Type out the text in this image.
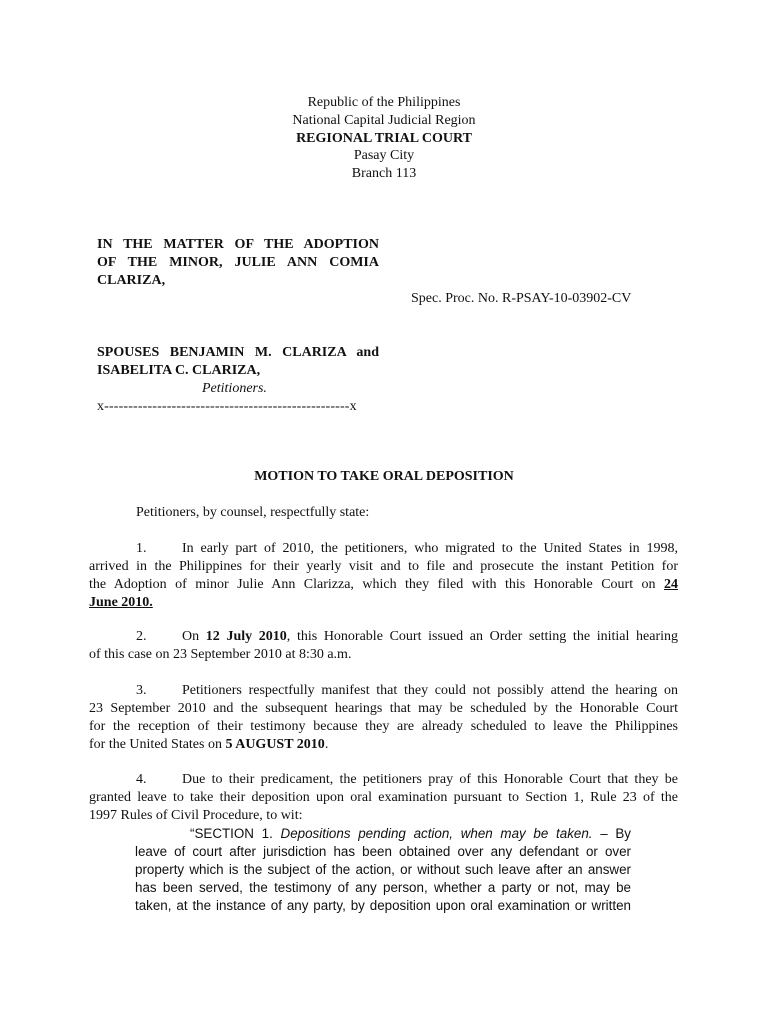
Republic of the Philippines
National Capital Judicial Region
REGIONAL TRIAL COURT
Pasay City
Branch 113
IN THE MATTER OF THE ADOPTION
OF THE MINOR, JULIE ANN COMIA
CLARIZA,
Spec. Proc. No. R-PSAY-10-03902-CV
SPOUSES BENJAMIN M. CLARIZA and
ISABELITA C. CLARIZA,
Petitioners.
x---------------------------------------------------x
MOTION TO TAKE ORAL DEPOSITION
Petitioners, by counsel, respectfully state:
1.	In early part of 2010, the petitioners, who migrated to the United States in 1998,
arrived in the Philippines for their yearly visit and to file and prosecute the instant Petition for
the Adoption of minor Julie Ann Clarizza, which they filed with this Honorable Court on 24
June 2010.
2.	On 12 July 2010, this Honorable Court issued an Order setting the initial hearing
of this case on 23 September 2010 at 8:30 a.m.
3.	Petitioners respectfully manifest that they could not possibly attend the hearing on
23 September 2010 and the subsequent hearings that may be scheduled by the Honorable Court
for the reception of their testimony because they are already scheduled to leave the Philippines
for the United States on 5 AUGUST 2010.
4.	Due to their predicament, the petitioners pray of this Honorable Court that they be
granted leave to take their deposition upon oral examination pursuant to Section 1, Rule 23 of the
1997 Rules of Civil Procedure, to wit:
“SECTION 1. Depositions pending action, when may be taken. – By
leave of court after jurisdiction has been obtained over any defendant or over
property which is the subject of the action, or without such leave after an answer
has been served, the testimony of any person, whether a party or not, may be
taken, at the instance of any party, by deposition upon oral examination or written
